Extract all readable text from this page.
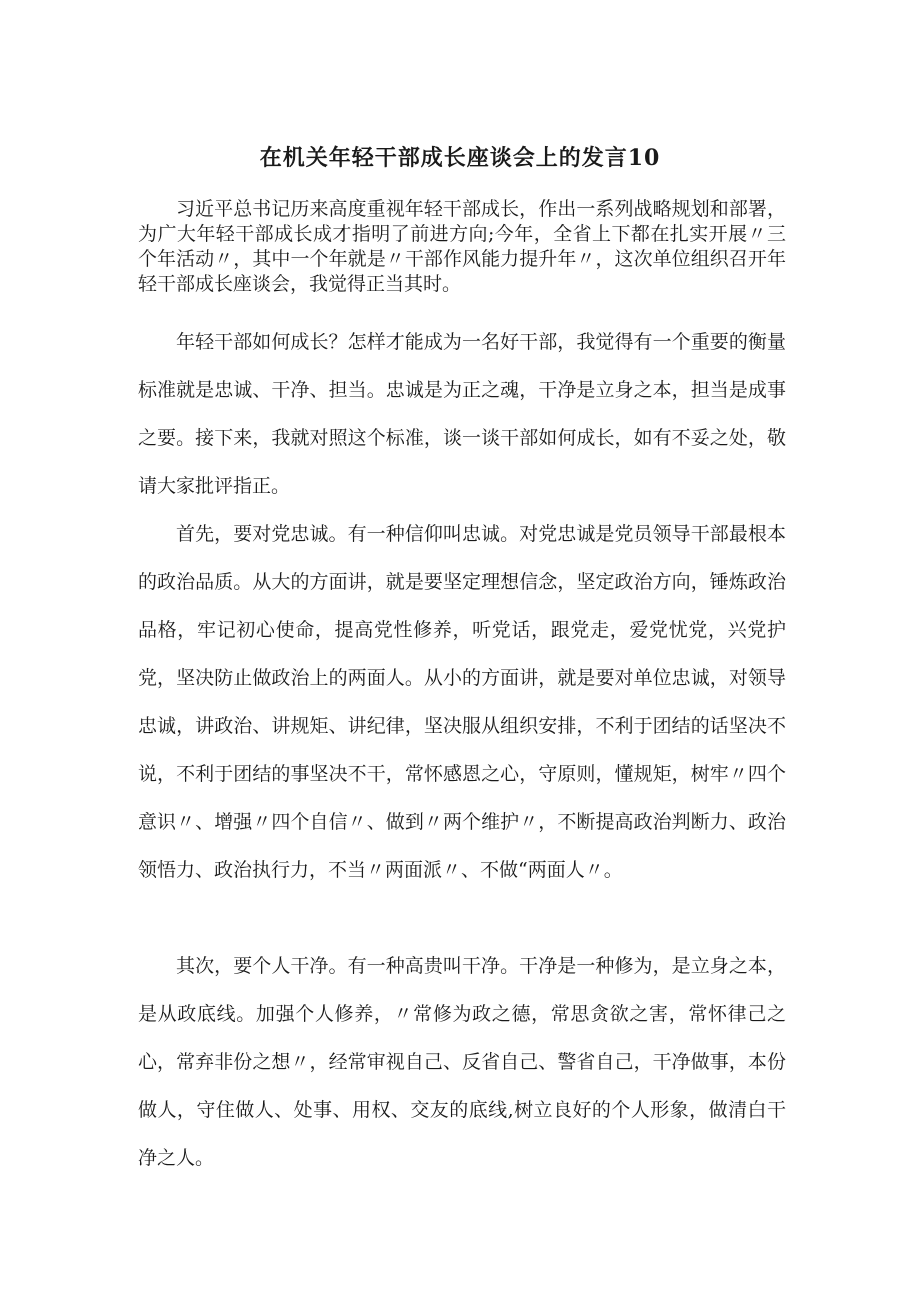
在机关年轻干部成长座谈会上的发言10

习近平总书记历来高度重视年轻干部成长，作出一系列战略规划和部署，为广大年轻干部成长成才指明了前进方向;今年，全省上下都在扎实开展〃三个年活动〃，其中一个年就是〃干部作风能力提升年〃，这次单位组织召开年轻干部成长座谈会，我觉得正当其时。

年轻干部如何成长？怎样才能成为一名好干部，我觉得有一个重要的衡量标准就是忠诚、干净、担当。忠诚是为正之魂，干净是立身之本，担当是成事之要。接下来，我就对照这个标准，谈一谈干部如何成长，如有不妥之处，敬请大家批评指正。

首先，要对党忠诚。有一种信仰叫忠诚。对党忠诚是党员领导干部最根本的政治品质。从大的方面讲，就是要坚定理想信念，坚定政治方向，锤炼政治品格，牢记初心使命，提高党性修养，听党话，跟党走，爱党忧党，兴党护党，坚决防止做政治上的两面人。从小的方面讲，就是要对单位忠诚，对领导忠诚，讲政治、讲规矩、讲纪律，坚决服从组织安排，不利于团结的话坚决不说，不利于团结的事坚决不干，常怀感恩之心，守原则，懂规矩，树牢〃四个意识〃、增强〃四个自信〃、做到〃两个维护〃，不断提高政治判断力、政治领悟力、政治执行力，不当〃两面派〃、不做“两面人〃。

其次，要个人干净。有一种高贵叫干净。干净是一种修为，是立身之本，是从政底线。加强个人修养，〃常修为政之德，常思贪欲之害，常怀律己之心，常弃非份之想〃，经常审视自己、反省自己、警省自己，干净做事，本份做人，守住做人、处事、用权、交友的底线,树立良好的个人形象，做清白干净之人。
